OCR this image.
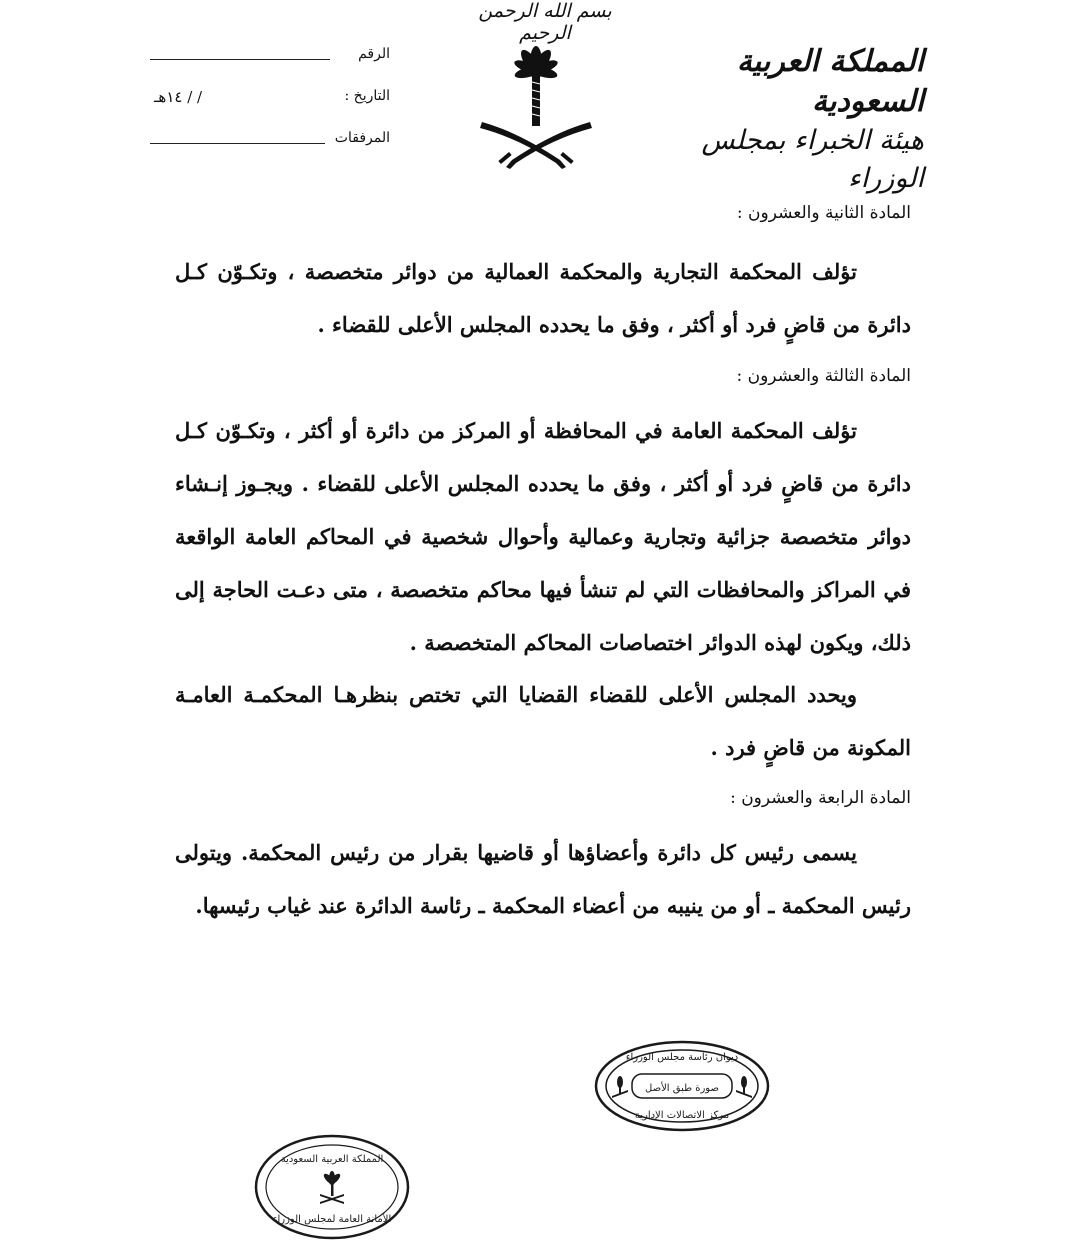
بسم الله الرحمن الرحيم
المملكة العربية السعودية
هيئة الخبراء بمجلس الوزراء
الرقم
التاريخ :
/ / ١٤هـ
المرفقات
المادة الثانية والعشرون :
تؤلف المحكمة التجارية والمحكمة العمالية من دوائر متخصصة ، وتكـوّن كـل دائرة من قاضٍ فرد أو أكثر ، وفق ما يحدده المجلس الأعلى للقضاء .
المادة الثالثة والعشرون :
تؤلف المحكمة العامة في المحافظة أو المركز من دائرة أو أكثر ، وتكـوّن كـل دائرة من قاضٍ فرد أو أكثر ، وفق ما يحدده المجلس الأعلى للقضاء . ويجـوز إنـشاء دوائر متخصصة جزائية وتجارية وعمالية وأحوال شخصية في المحاكم العامة الواقعة في المراكز والمحافظات التي لم تنشأ فيها محاكم متخصصة ، متى دعـت الحاجة إلى ذلك، ويكون لهذه الدوائر اختصاصات المحاكم المتخصصة .
ويحدد المجلس الأعلى للقضاء القضايا التي تختص بنظرهـا المحكمـة العامـة المكونة من قاضٍ فرد .
المادة الرابعة والعشرون :
يسمى رئيس كل دائرة وأعضاؤها أو قاضيها بقرار من رئيس المحكمة. ويتولى رئيس المحكمة ـ أو من ينيبه من أعضاء المحكمة ـ رئاسة الدائرة عند غياب رئيسها.
ديوان رئاسة مجلس الوزراء
صورة طبق الأصل
مركز الاتصالات الإدارية
المملكة العربية السعودية
الأمانة العامة لمجلس الوزراء
